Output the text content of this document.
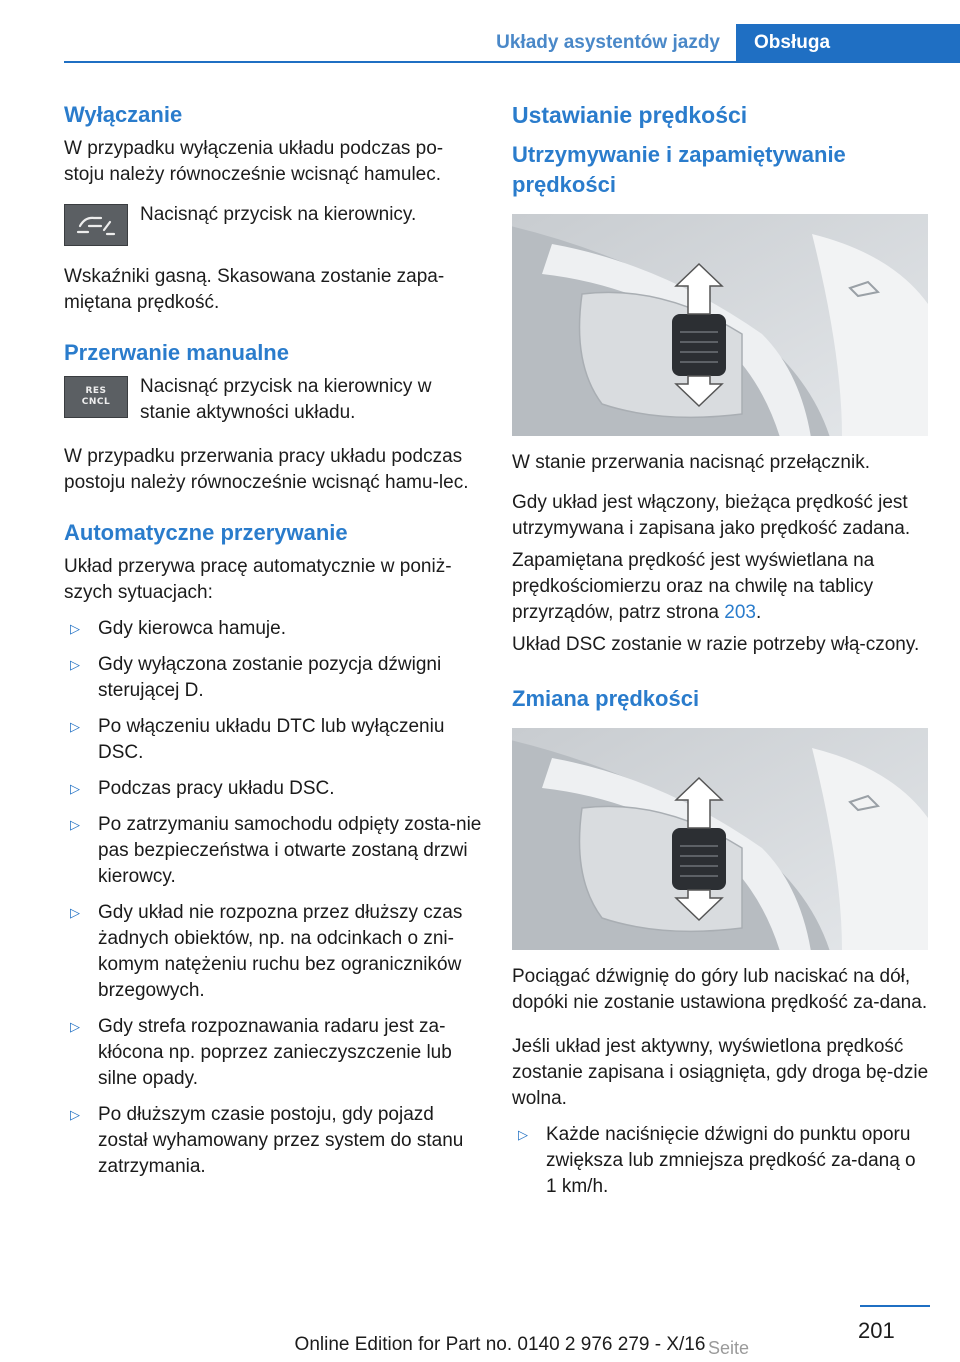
Układy asystentów jazdy	Obsługa
Wyłączanie
W przypadku wyłączenia układu podczas po-stoju należy równocześnie wcisnąć hamulec.
Nacisnąć przycisk na kierownicy.
Wskaźniki gasną. Skasowana zostanie zapa-miętana prędkość.
Przerwanie manualne
RES
CNCL
Nacisnąć przycisk na kierownicy w stanie aktywności układu.
W przypadku przerwania pracy układu podczas postoju należy równocześnie wcisnąć hamu-lec.
Automatyczne przerywanie
Układ przerywa pracę automatycznie w poniż-szych sytuacjach:
▷ Gdy kierowca hamuje.
▷ Gdy wyłączona zostanie pozycja dźwigni sterującej D.
▷ Po włączeniu układu DTC lub wyłączeniu DSC.
▷ Podczas pracy układu DSC.
▷ Po zatrzymaniu samochodu odpięty zosta-nie pas bezpieczeństwa i otwarte zostaną drzwi kierowcy.
▷ Gdy układ nie rozpozna przez dłuższy czas żadnych obiektów, np. na odcinkach o zni-komym natężeniu ruchu bez ograniczników brzegowych.
▷ Gdy strefa rozpoznawania radaru jest za-kłócona np. poprzez zanieczyszczenie lub silne opady.
▷ Po dłuższym czasie postoju, gdy pojazd został wyhamowany przez system do stanu zatrzymania.
Ustawianie prędkości
Utrzymywanie i zapamiętywanie prędkości
W stanie przerwania nacisnąć przełącznik.
Gdy układ jest włączony, bieżąca prędkość jest utrzymywana i zapisana jako prędkość zadana.
Zapamiętana prędkość jest wyświetlana na prędkościomierzu oraz na chwilę na tablicy przyrządów, patrz strona 203.
Układ DSC zostanie w razie potrzeby włą-czony.
Zmiana prędkości
Pociągać dźwignię do góry lub naciskać na dół, dopóki nie zostanie ustawiona prędkość za-dana.
Jeśli układ jest aktywny, wyświetlona prędkość zostanie zapisana i osiągnięta, gdy droga bę-dzie wolna.
▷ Każde naciśnięcie dźwigni do punktu oporu zwiększa lub zmniejsza prędkość za-daną o 1 km/h.
201
Seite
Online Edition for Part no. 0140 2 976 279 - X/16
